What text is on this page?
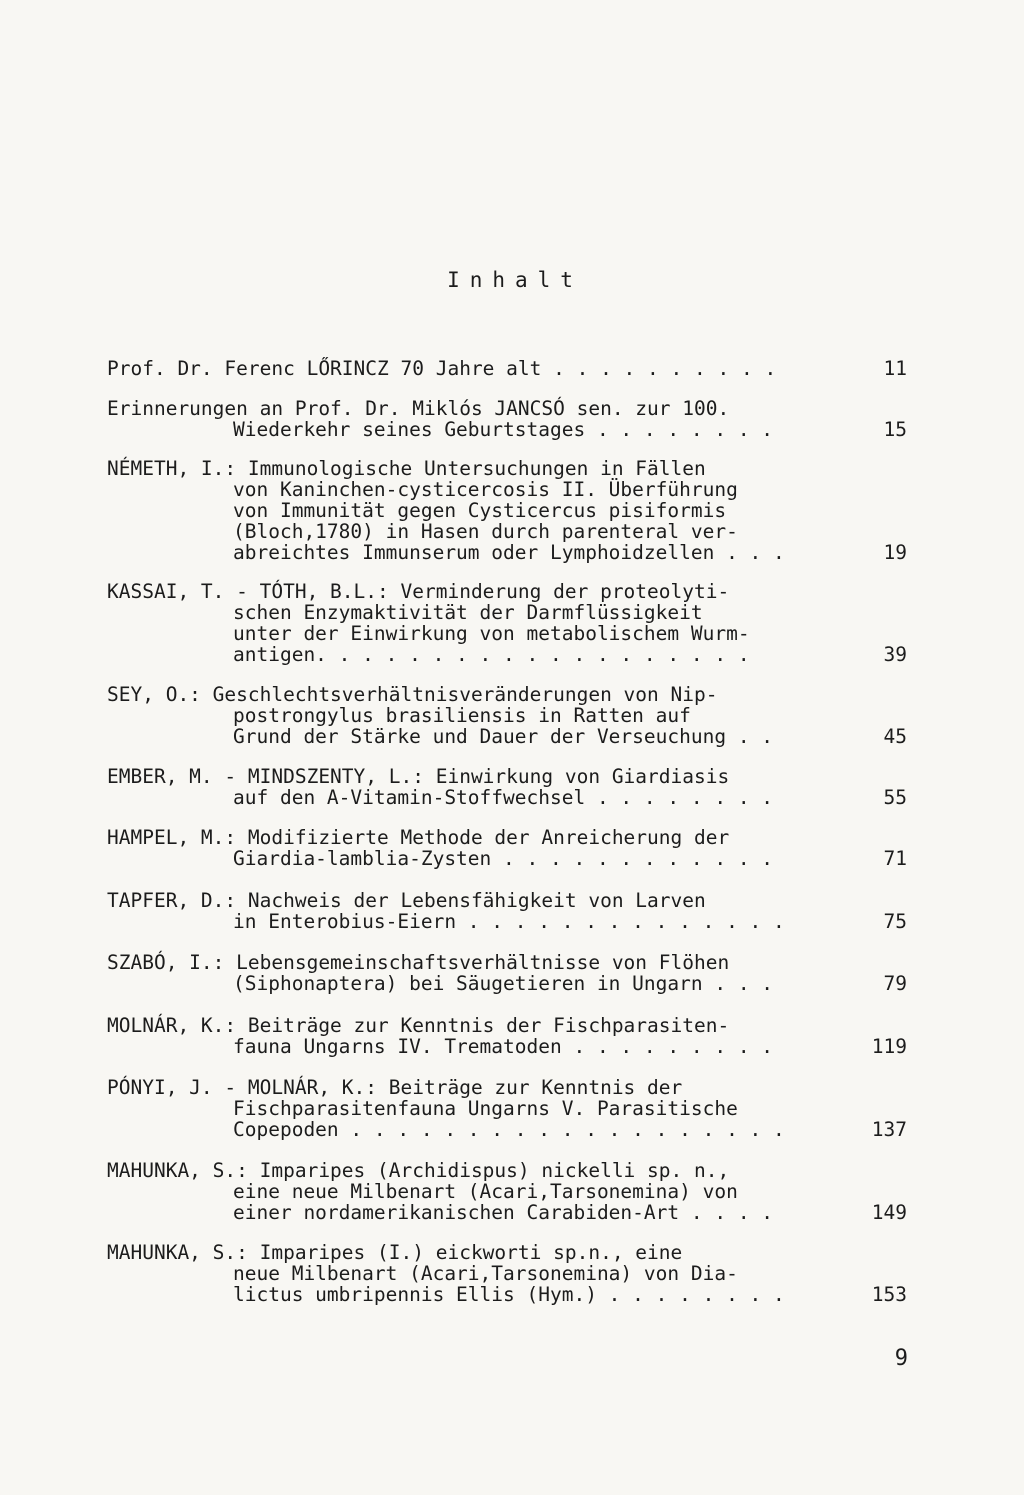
Inhalt
Prof. Dr. Ferenc LŐRINCZ 70 Jahre alt . . . . . . . . . .	11
Erinnerungen an Prof. Dr. Miklós JANCSÓ sen. zur 100.
Wiederkehr seines Geburtstages . . . . . . . .	15
NÉMETH, I.: Immunologische Untersuchungen in Fällen
von Kaninchen-cysticercosis II. Überführung
von Immunität gegen Cysticercus pisiformis
(Bloch,1780) in Hasen durch parenteral ver-
abreichtes Immunserum oder Lymphoidzellen . . .	19
KASSAI, T. - TÓTH, B.L.: Verminderung der proteolyti-
schen Enzymaktivität der Darmflüssigkeit
unter der Einwirkung von metabolischem Wurm-
antigen. . . . . . . . . . . . . . . . . . .	39
SEY, O.: Geschlechtsverhältnisveränderungen von Nip-
postrongylus brasiliensis in Ratten auf
Grund der Stärke und Dauer der Verseuchung . .	45
EMBER, M. - MINDSZENTY, L.: Einwirkung von Giardiasis
auf den A-Vitamin-Stoffwechsel . . . . . . . .	55
HAMPEL, M.: Modifizierte Methode der Anreicherung der
Giardia-lamblia-Zysten . . . . . . . . . . . .	71
TAPFER, D.: Nachweis der Lebensfähigkeit von Larven
in Enterobius-Eiern . . . . . . . . . . . . . .	75
SZABÓ, I.: Lebensgemeinschaftsverhältnisse von Flöhen
(Siphonaptera) bei Säugetieren in Ungarn . . .	79
MOLNÁR, K.: Beiträge zur Kenntnis der Fischparasiten-
fauna Ungarns IV. Trematoden . . . . . . . . .	119
PÓNYI, J. - MOLNÁR, K.: Beiträge zur Kenntnis der
Fischparasitenfauna Ungarns V. Parasitische
Copepoden . . . . . . . . . . . . . . . . . . .	137
MAHUNKA, S.: Imparipes (Archidispus) nickelli sp. n.,
eine neue Milbenart (Acari,Tarsonemina) von
einer nordamerikanischen Carabiden-Art . . . .	149
MAHUNKA, S.: Imparipes (I.) eickworti sp.n., eine
neue Milbenart (Acari,Tarsonemina) von Dia-
lictus umbripennis Ellis (Hym.) . . . . . . . .	153
9
